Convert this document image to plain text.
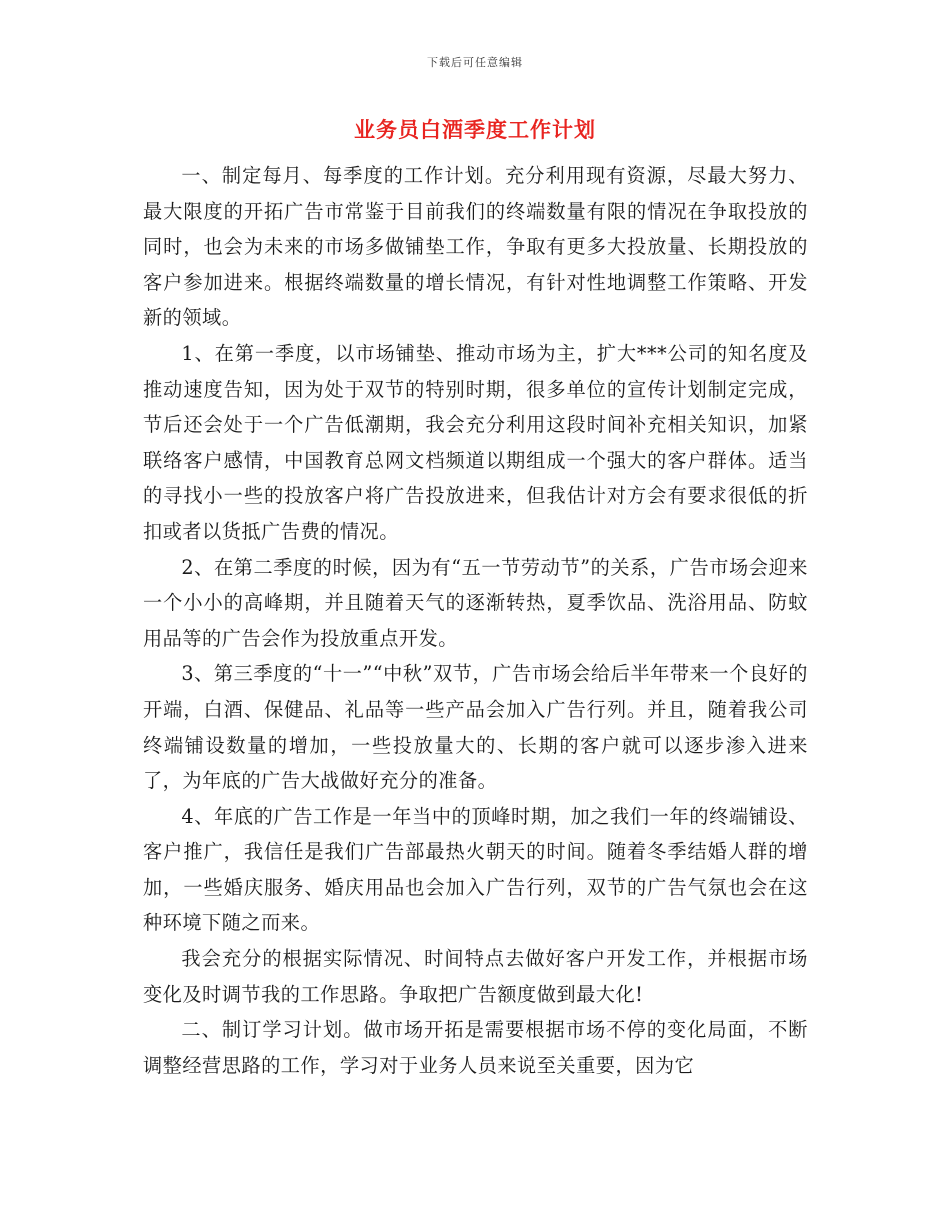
下载后可任意编辑
业务员白酒季度工作计划

一、制定每月、每季度的工作计划。充分利用现有资源，尽最大努力、最大限度的开拓广告市常鉴于目前我们的终端数量有限的情况在争取投放的同时，也会为未来的市场多做铺垫工作，争取有更多大投放量、长期投放的客户参加进来。根据终端数量的增长情况，有针对性地调整工作策略、开发新的领域。

1、在第一季度，以市场铺垫、推动市场为主，扩大***公司的知名度及推动速度告知，因为处于双节的特别时期，很多单位的宣传计划制定完成，节后还会处于一个广告低潮期，我会充分利用这段时间补充相关知识，加紧联络客户感情，中国教育总网文档频道以期组成一个强大的客户群体。适当的寻找小一些的投放客户将广告投放进来，但我估计对方会有要求很低的折扣或者以货抵广告费的情况。

2、在第二季度的时候，因为有“五一节劳动节”的关系，广告市场会迎来一个小小的高峰期，并且随着天气的逐渐转热，夏季饮品、洗浴用品、防蚊用品等的广告会作为投放重点开发。

3、第三季度的“十一”“中秋”双节，广告市场会给后半年带来一个良好的开端，白酒、保健品、礼品等一些产品会加入广告行列。并且，随着我公司终端铺设数量的增加，一些投放量大的、长期的客户就可以逐步渗入进来了，为年底的广告大战做好充分的准备。

4、年底的广告工作是一年当中的顶峰时期，加之我们一年的终端铺设、客户推广，我信任是我们广告部最热火朝天的时间。随着冬季结婚人群的增加，一些婚庆服务、婚庆用品也会加入广告行列，双节的广告气氛也会在这种环境下随之而来。

我会充分的根据实际情况、时间特点去做好客户开发工作，并根据市场变化及时调节我的工作思路。争取把广告额度做到最大化!

二、制订学习计划。做市场开拓是需要根据市场不停的变化局面，不断调整经营思路的工作，学习对于业务人员来说至关重要，因为它
